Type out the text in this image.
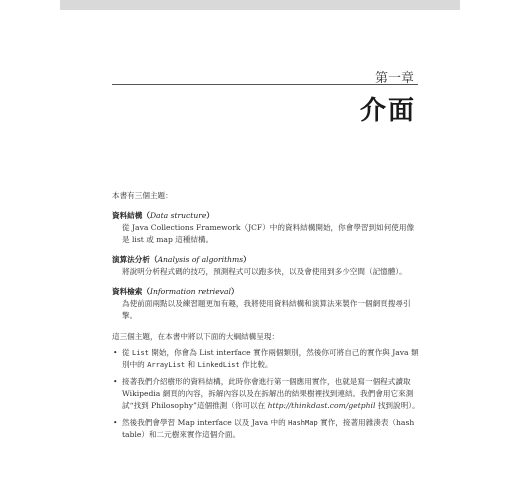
第一章
介面

本書有三個主題：

資料結構（Data structure）
從 Java Collections Framework（JCF）中的資料結構開始，你會學習到如何使用像是 list 或 map 這種結構。
演算法分析（Analysis of algorithms）
將說明分析程式碼的技巧，預測程式可以跑多快，以及會使用到多少空間（記憶體）。
資料檢索（Information retrieval）
為使前面兩點以及練習題更加有趣，我將使用資料結構和演算法來製作一個網頁搜尋引擎。

這三個主題，在本書中將以下面的大綱結構呈現：

• 從 List 開始，你會為 List interface 實作兩個類別，然後你可將自己的實作與 Java 類別中的 ArrayList 和 LinkedList 作比較。
• 接著我們介紹樹形的資料結構，此時你會進行第一個應用實作，也就是寫一個程式讀取 Wikipedia 網頁的內容，拆解內容以及在拆解出的結果樹裡找到連結。我們會用它來測試“找到 Philosophy”這個推測（你可以在 http://thinkdast.com/getphil 找到說明）。
• 然後我們會學習 Map interface 以及 Java 中的 HashMap 實作，接著用雜湊表（hash table）和二元樹來實作這個介面。
